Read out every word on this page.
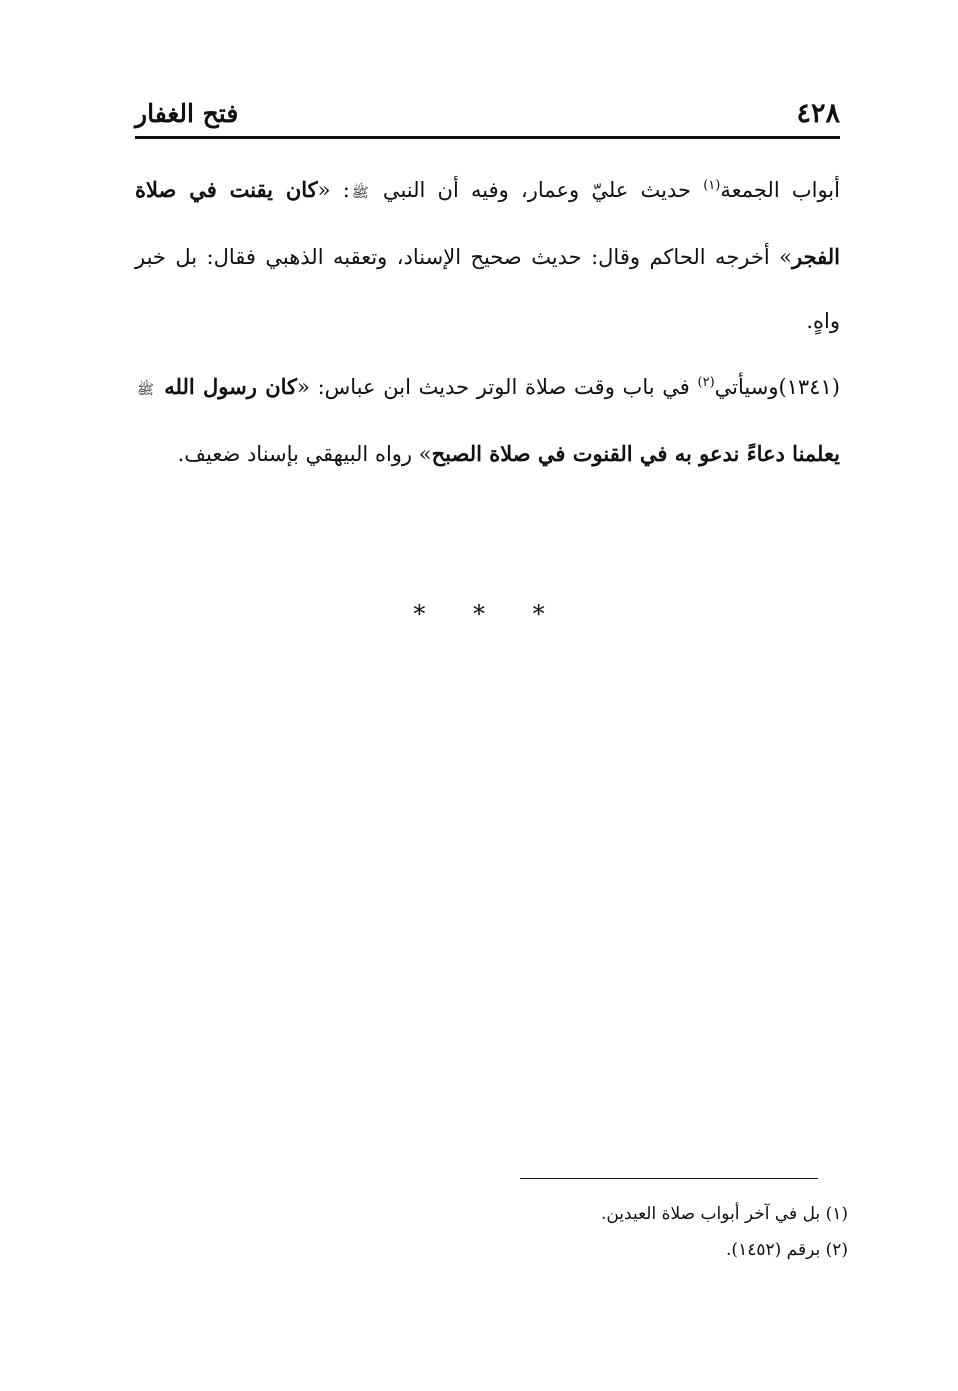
٤٢٨
فتح الغفار

أبواب الجمعة$^{(١)}$ حديث عليّ وعمار، وفيه أن النبي ﷺ: «كان يقنت في صلاة الفجر» أخرجه الحاكم وقال: حديث صحيح الإسناد، وتعقبه الذهبي فقال: بل خبر واهٍ.

(١٣٤١)وسيأتي$^{(٢)}$ في باب وقت صلاة الوتر حديث ابن عباس: «كان رسول الله ﷺ يعلمنا دعاءً ندعو به في القنوت في صلاة الصبح» رواه البيهقي بإسناد ضعيف.

* * *
(١) بل في آخر أبواب صلاة العيدين.
(٢) برقم (١٤٥٢).
